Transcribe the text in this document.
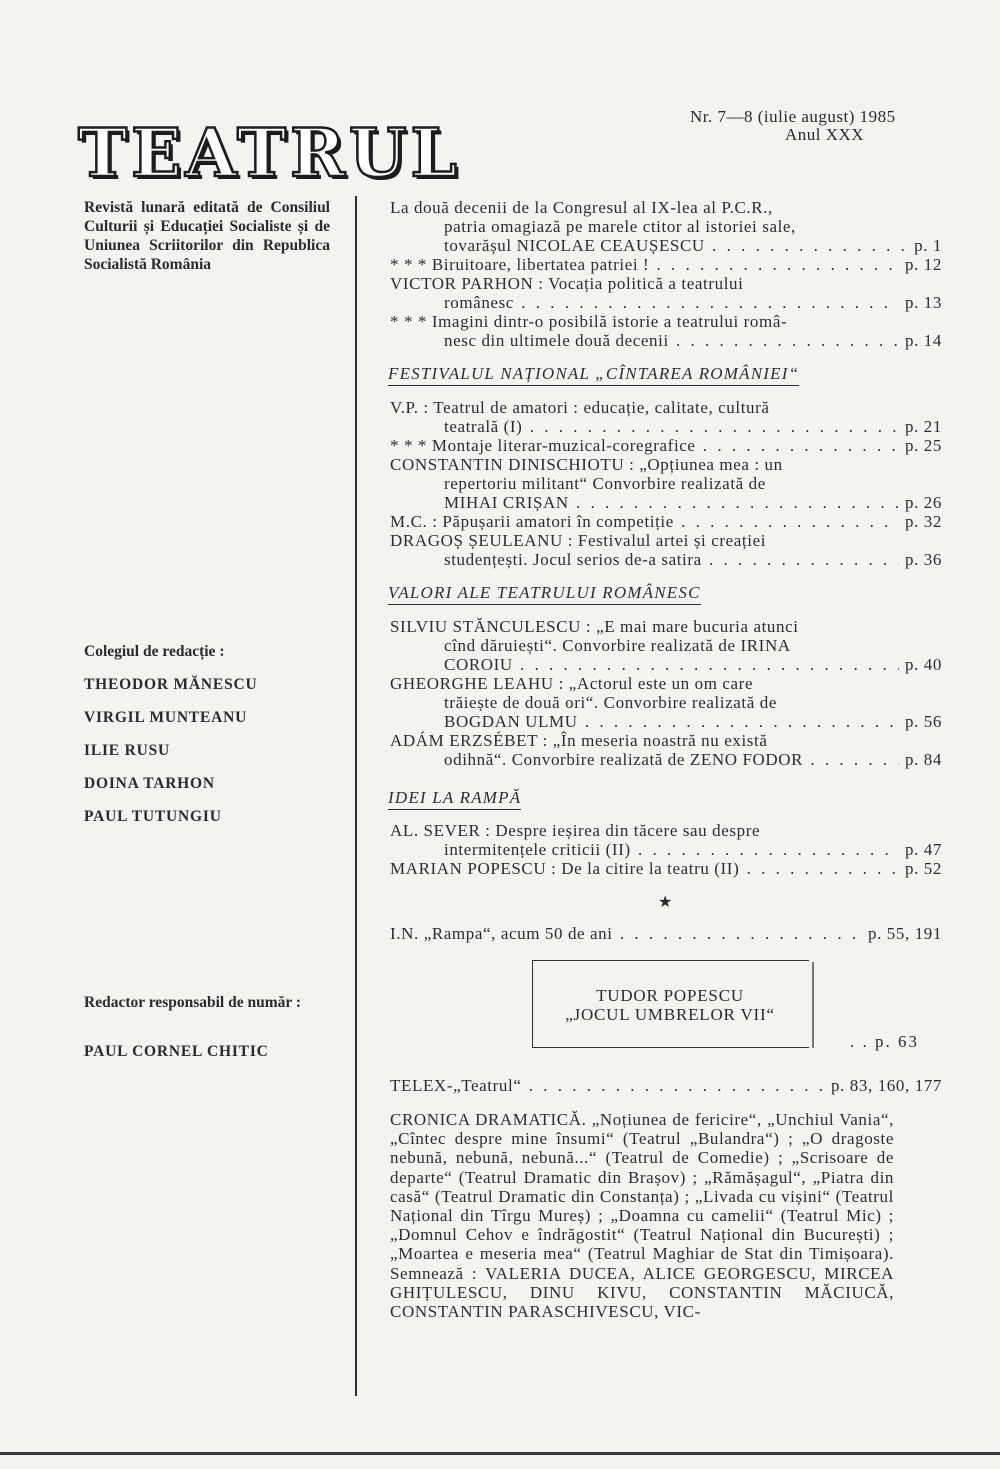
TEATRUL	Nr. 7—8 (iulie august) 1985
Anul XXX
Revistă lunară editată de Consiliul Culturii și Educației Socialiste și de Uniunea Scriitorilor din Republica Socialistă România
Colegiul de redacție :
THEODOR MĂNESCU
VIRGIL MUNTEANU
ILIE RUSU
DOINA TARHON
PAUL TUTUNGIU
Redactor responsabil de număr :
PAUL CORNEL CHITIC
La două decenii de la Congresul al IX-lea al P.C.R.,
patria omagiază pe marele ctitor al istoriei sale,
tovarășul NICOLAE CEAUȘESCU . . .	p. 1
* * * Biruitoare, libertatea patriei ! . . .	p. 12
VICTOR PARHON : Vocația politică a teatrului
românesc . . .	p. 13
* * * Imagini dintr-o posibilă istorie a teatrului româ-
nesc din ultimele două decenii . . .	p. 14
FESTIVALUL NAȚIONAL „CÎNTAREA ROMÂNIEI“
V.P. : Teatrul de amatori : educație, calitate, cultură
teatrală (I) . . .	p. 21
* * * Montaje literar-muzical-coregrafice . . .	p. 25
CONSTANTIN DINISCHIOTU : „Opțiunea mea : un
repertoriu militant“ Convorbire realizată de
MIHAI CRIȘAN . . .	p. 26
M.C. : Păpușarii amatori în competiție . . .	p. 32
DRAGOȘ ȘEULEANU : Festivalul artei și creației
studențești. Jocul serios de-a satira . . .	p. 36
VALORI ALE TEATRULUI ROMÂNESC
SILVIU STĂNCULESCU : „E mai mare bucuria atunci
cînd dăruiești“. Convorbire realizată de IRINA
COROIU . . .	p. 40
GHEORGHE LEAHU : „Actorul este un om care
trăiește de două ori“. Convorbire realizată de
BOGDAN ULMU . . .	p. 56
ADÁM ERZSÉBET : „În meseria noastră nu există
odihnă“. Convorbire realizată de ZENO FODOR . . .	p. 84
IDEI LA RAMPĂ
AL. SEVER : Despre ieșirea din tăcere sau despre
intermitențele criticii (II) . . .	p. 47
MARIAN POPESCU : De la citire la teatru (II) . . .	p. 52
★
I.N. „Rampa“, acum 50 de ani . . .	p. 55, 191
TUDOR POPESCU
„JOCUL UMBRELOR VII“
. . p. 63
TELEX-„Teatrul“ . . .	p. 83, 160, 177
CRONICA DRAMATICĂ. „Noțiunea de fericire“, „Unchiul Vania“, „Cîntec despre mine însumi“ (Teatrul „Bulandra“) ; „O dragoste nebună, nebună, nebună...“ (Teatrul de Comedie) ; „Scrisoare de departe“ (Teatrul Dramatic din Brașov) ; „Rămășagul“, „Piatra din casă“ (Teatrul Dramatic din Constanța) ; „Livada cu vișini“ (Teatrul Național din Tîrgu Mureș) ; „Doamna cu camelii“ (Teatrul Mic) ; „Domnul Cehov e îndrăgostit“ (Teatrul Național din București) ; „Moartea e meseria mea“ (Teatrul Maghiar de Stat din Timișoara). Semnează : VALERIA DUCEA, ALICE GEORGESCU, MIRCEA GHIȚULESCU, DINU KIVU, CONSTANTIN MĂCIUCĂ, CONSTANTIN PARASCHIVESCU, VIC-
